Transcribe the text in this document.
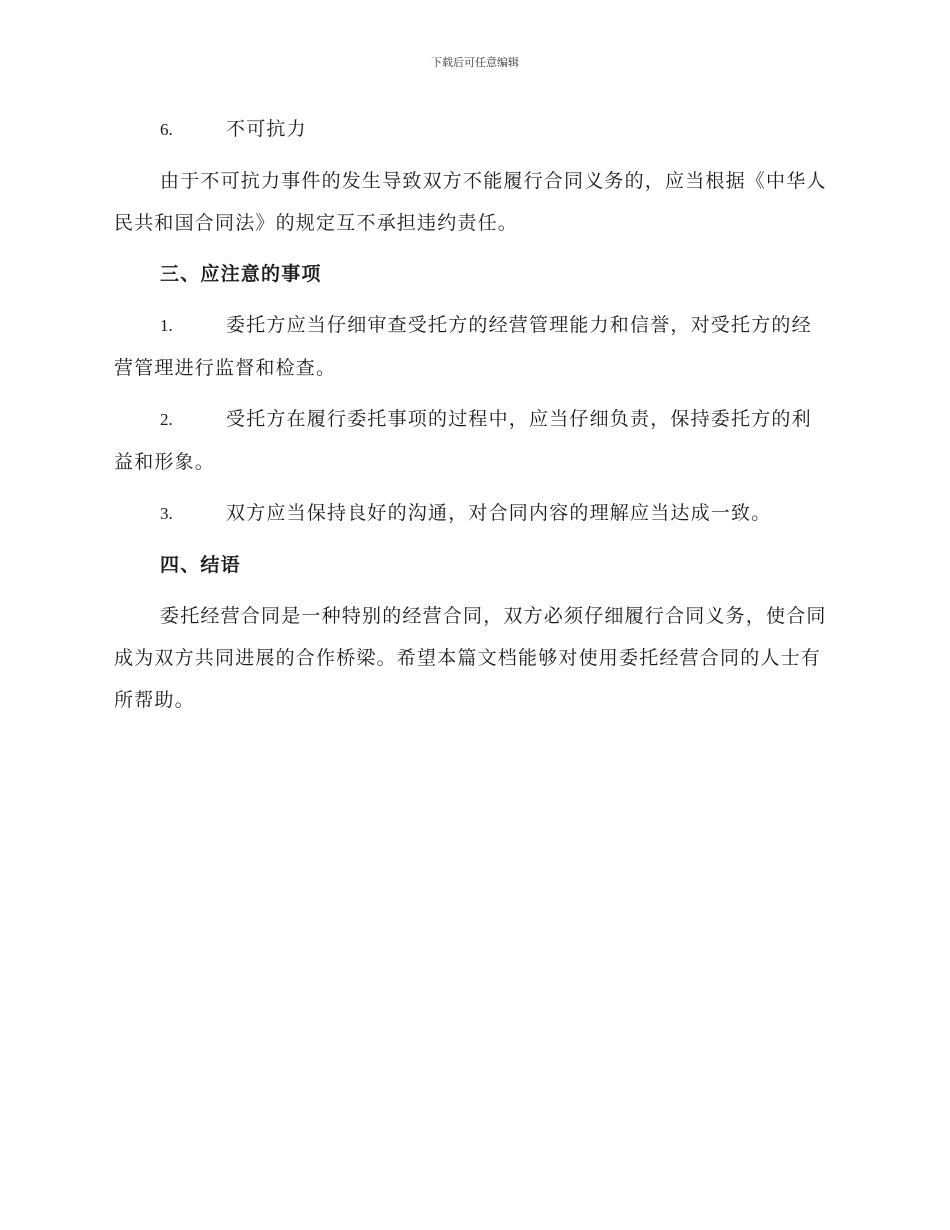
下载后可任意编辑

6.	不可抗力

由于不可抗力事件的发生导致双方不能履行合同义务的，应当根据《中华人民共和国合同法》的规定互不承担违约责任。

三、应注意的事项

1.	委托方应当仔细审查受托方的经营管理能力和信誉，对受托方的经营管理进行监督和检查。

2.	受托方在履行委托事项的过程中，应当仔细负责，保持委托方的利益和形象。

3.	双方应当保持良好的沟通，对合同内容的理解应当达成一致。

四、结语

委托经营合同是一种特别的经营合同，双方必须仔细履行合同义务，使合同成为双方共同进展的合作桥梁。希望本篇文档能够对使用委托经营合同的人士有所帮助。
